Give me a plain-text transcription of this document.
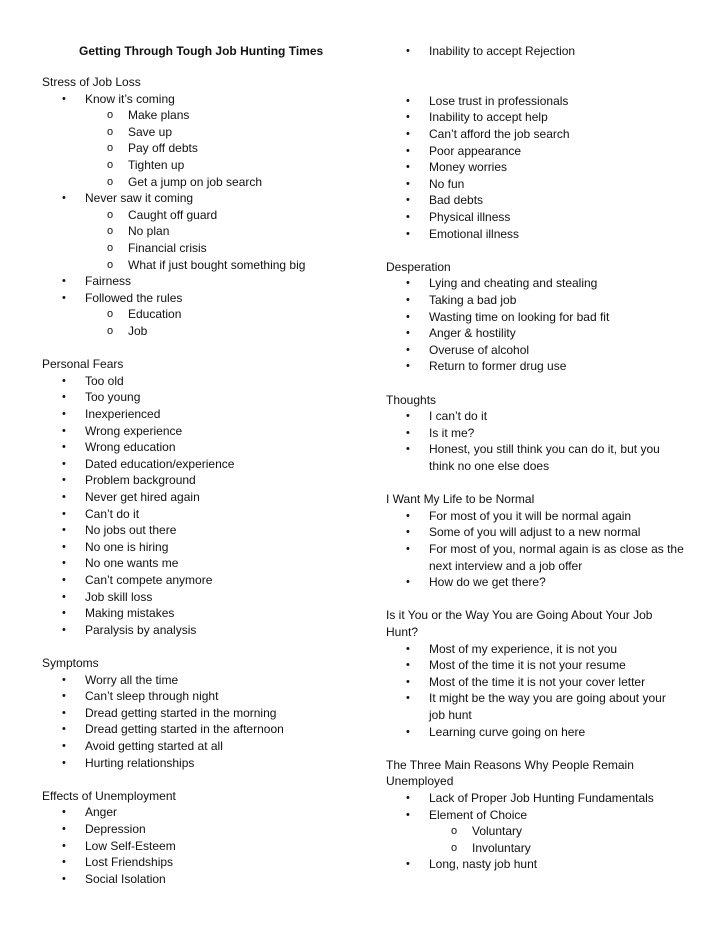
Getting Through Tough Job Hunting Times
Stress of Job Loss
• Know it’s coming
o Make plans
o Save up
o Pay off debts
o Tighten up
o Get a jump on job search
• Never saw it coming
o Caught off guard
o No plan
o Financial crisis
o What if just bought something big
• Fairness
• Followed the rules
o Education
o Job
Personal Fears
• Too old
• Too young
• Inexperienced
• Wrong experience
• Wrong education
• Dated education/experience
• Problem background
• Never get hired again
• Can’t do it
• No jobs out there
• No one is hiring
• No one wants me
• Can’t compete anymore
• Job skill loss
• Making mistakes
• Paralysis by analysis
Symptoms
• Worry all the time
• Can’t sleep through night
• Dread getting started in the morning
• Dread getting started in the afternoon
• Avoid getting started at all
• Hurting relationships
Effects of Unemployment
• Anger
• Depression
• Low Self-Esteem
• Lost Friendships
• Social Isolation
• Inability to accept Rejection
• Lose trust in professionals
• Inability to accept help
• Can’t afford the job search
• Poor appearance
• Money worries
• No fun
• Bad debts
• Physical illness
• Emotional illness
Desperation
• Lying and cheating and stealing
• Taking a bad job
• Wasting time on looking for bad fit
• Anger & hostility
• Overuse of alcohol
• Return to former drug use
Thoughts
• I can’t do it
• Is it me?
• Honest, you still think you can do it, but you
think no one else does
I Want My Life to be Normal
• For most of you it will be normal again
• Some of you will adjust to a new normal
• For most of you, normal again is as close as the
next interview and a job offer
• How do we get there?
Is it You or the Way You are Going About Your Job
Hunt?
• Most of my experience, it is not you
• Most of the time it is not your resume
• Most of the time it is not your cover letter
• It might be the way you are going about your
job hunt
• Learning curve going on here
The Three Main Reasons Why People Remain
Unemployed
• Lack of Proper Job Hunting Fundamentals
• Element of Choice
o Voluntary
o Involuntary
• Long, nasty job hunt
